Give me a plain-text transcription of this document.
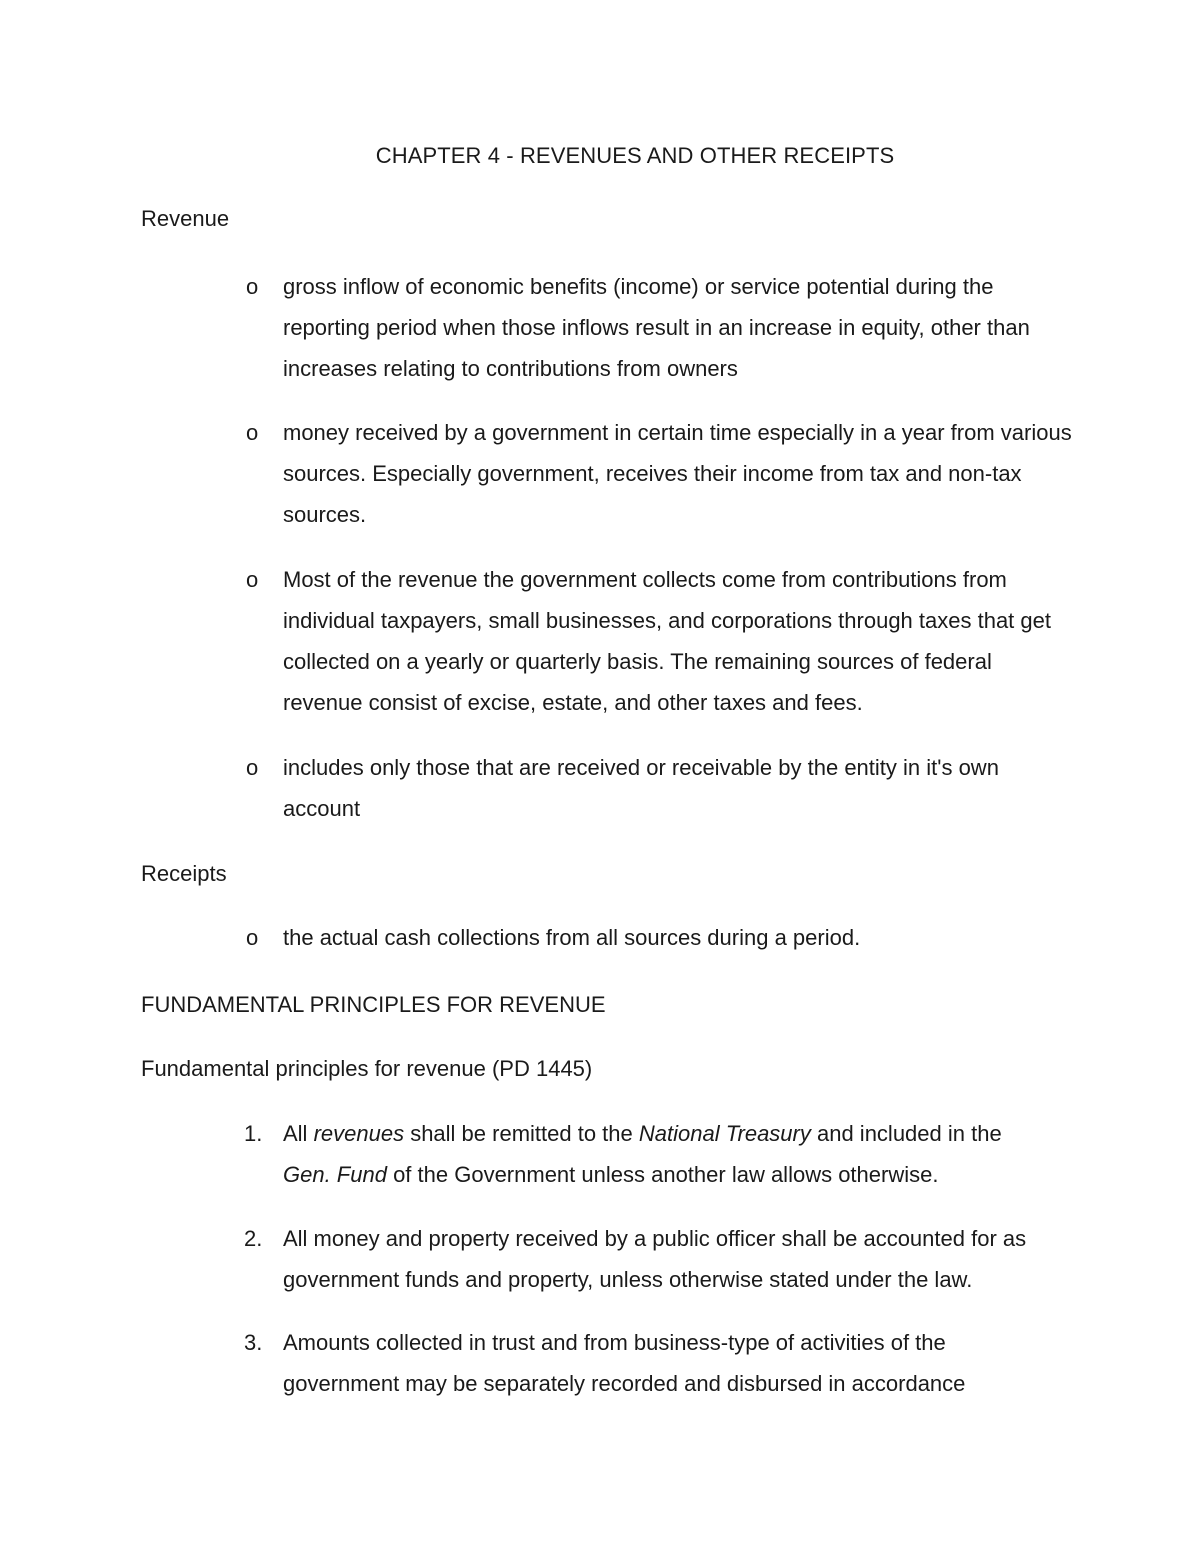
CHAPTER 4 - REVENUES AND OTHER RECEIPTS
Revenue
o gross inflow of economic benefits (income) or service potential during the reporting period when those inflows result in an increase in equity, other than increases relating to contributions from owners
o money received by a government in certain time especially in a year from various sources. Especially government, receives their income from tax and non-tax sources.
o Most of the revenue the government collects come from contributions from individual taxpayers, small businesses, and corporations through taxes that get collected on a yearly or quarterly basis. The remaining sources of federal revenue consist of excise, estate, and other taxes and fees.
o includes only those that are received or receivable by the entity in it's own account
Receipts
o the actual cash collections from all sources during a period.
FUNDAMENTAL PRINCIPLES FOR REVENUE
Fundamental principles for revenue (PD 1445)
1. All revenues shall be remitted to the National Treasury and included in the
Gen. Fund of the Government unless another law allows otherwise.
2. All money and property received by a public officer shall be accounted for as government funds and property, unless otherwise stated under the law.
3. Amounts collected in trust and from business-type of activities of the government may be separately recorded and disbursed in accordance
